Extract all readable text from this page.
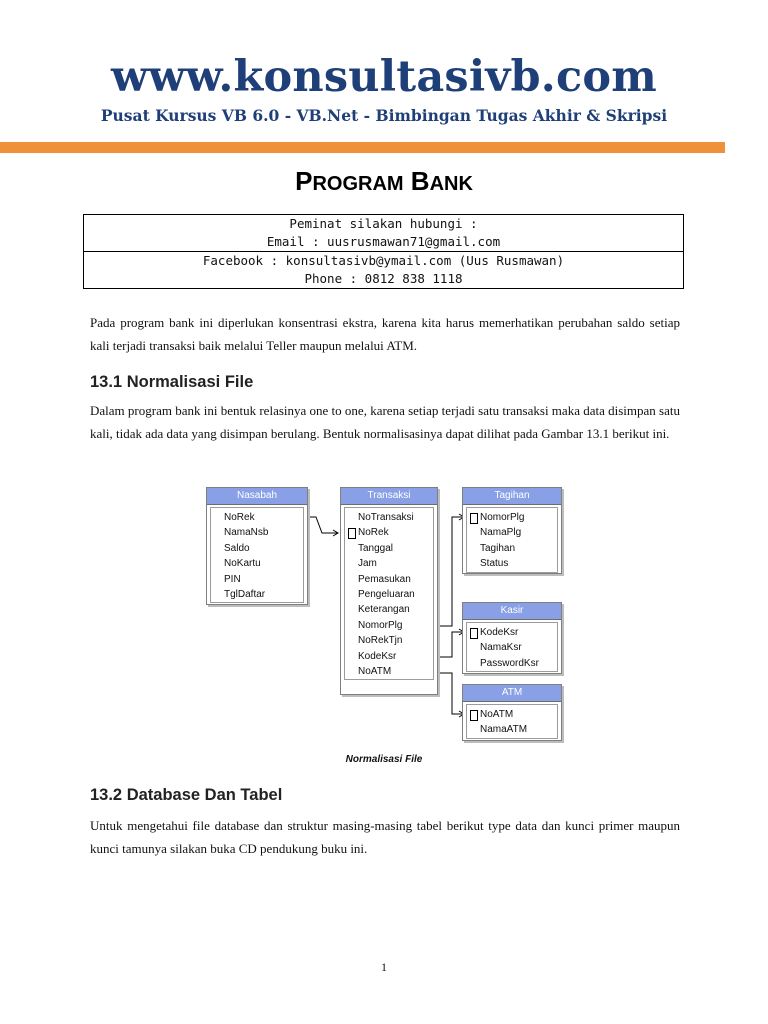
www.konsultasivb.com
Pusat Kursus VB 6.0 - VB.Net - Bimbingan Tugas Akhir & Skripsi
PROGRAM BANK
Peminat silakan hubungi :
Email : uusrusmawan71@gmail.com
Facebook : konsultasivb@ymail.com (Uus Rusmawan)
Phone : 0812 838 1118
Pada program bank ini diperlukan konsentrasi ekstra, karena kita harus memerhatikan perubahan saldo setiap kali terjadi transaksi baik melalui Teller maupun melalui ATM.
13.1 Normalisasi File
Dalam program bank ini bentuk relasinya one to one, karena setiap terjadi satu transaksi maka data disimpan satu kali, tidak ada data yang disimpan berulang. Bentuk normalisasinya dapat dilihat pada Gambar 13.1 berikut ini.
Nasabah
NoRek
NamaNsb
Saldo
NoKartu
PIN
TglDaftar
Transaksi
NoTransaksi
NoRek
Tanggal
Jam
Pemasukan
Pengeluaran
Keterangan
NomorPlg
NoRekTjn
KodeKsr
NoATM
Tagihan
NomorPlg
NamaPlg
Tagihan
Status
Kasir
KodeKsr
NamaKsr
PasswordKsr
ATM
NoATM
NamaATM
Normalisasi File
13.2 Database Dan Tabel
Untuk mengetahui file database dan struktur masing-masing tabel berikut type data dan kunci primer maupun kunci tamunya silakan buka CD pendukung buku ini.
1
